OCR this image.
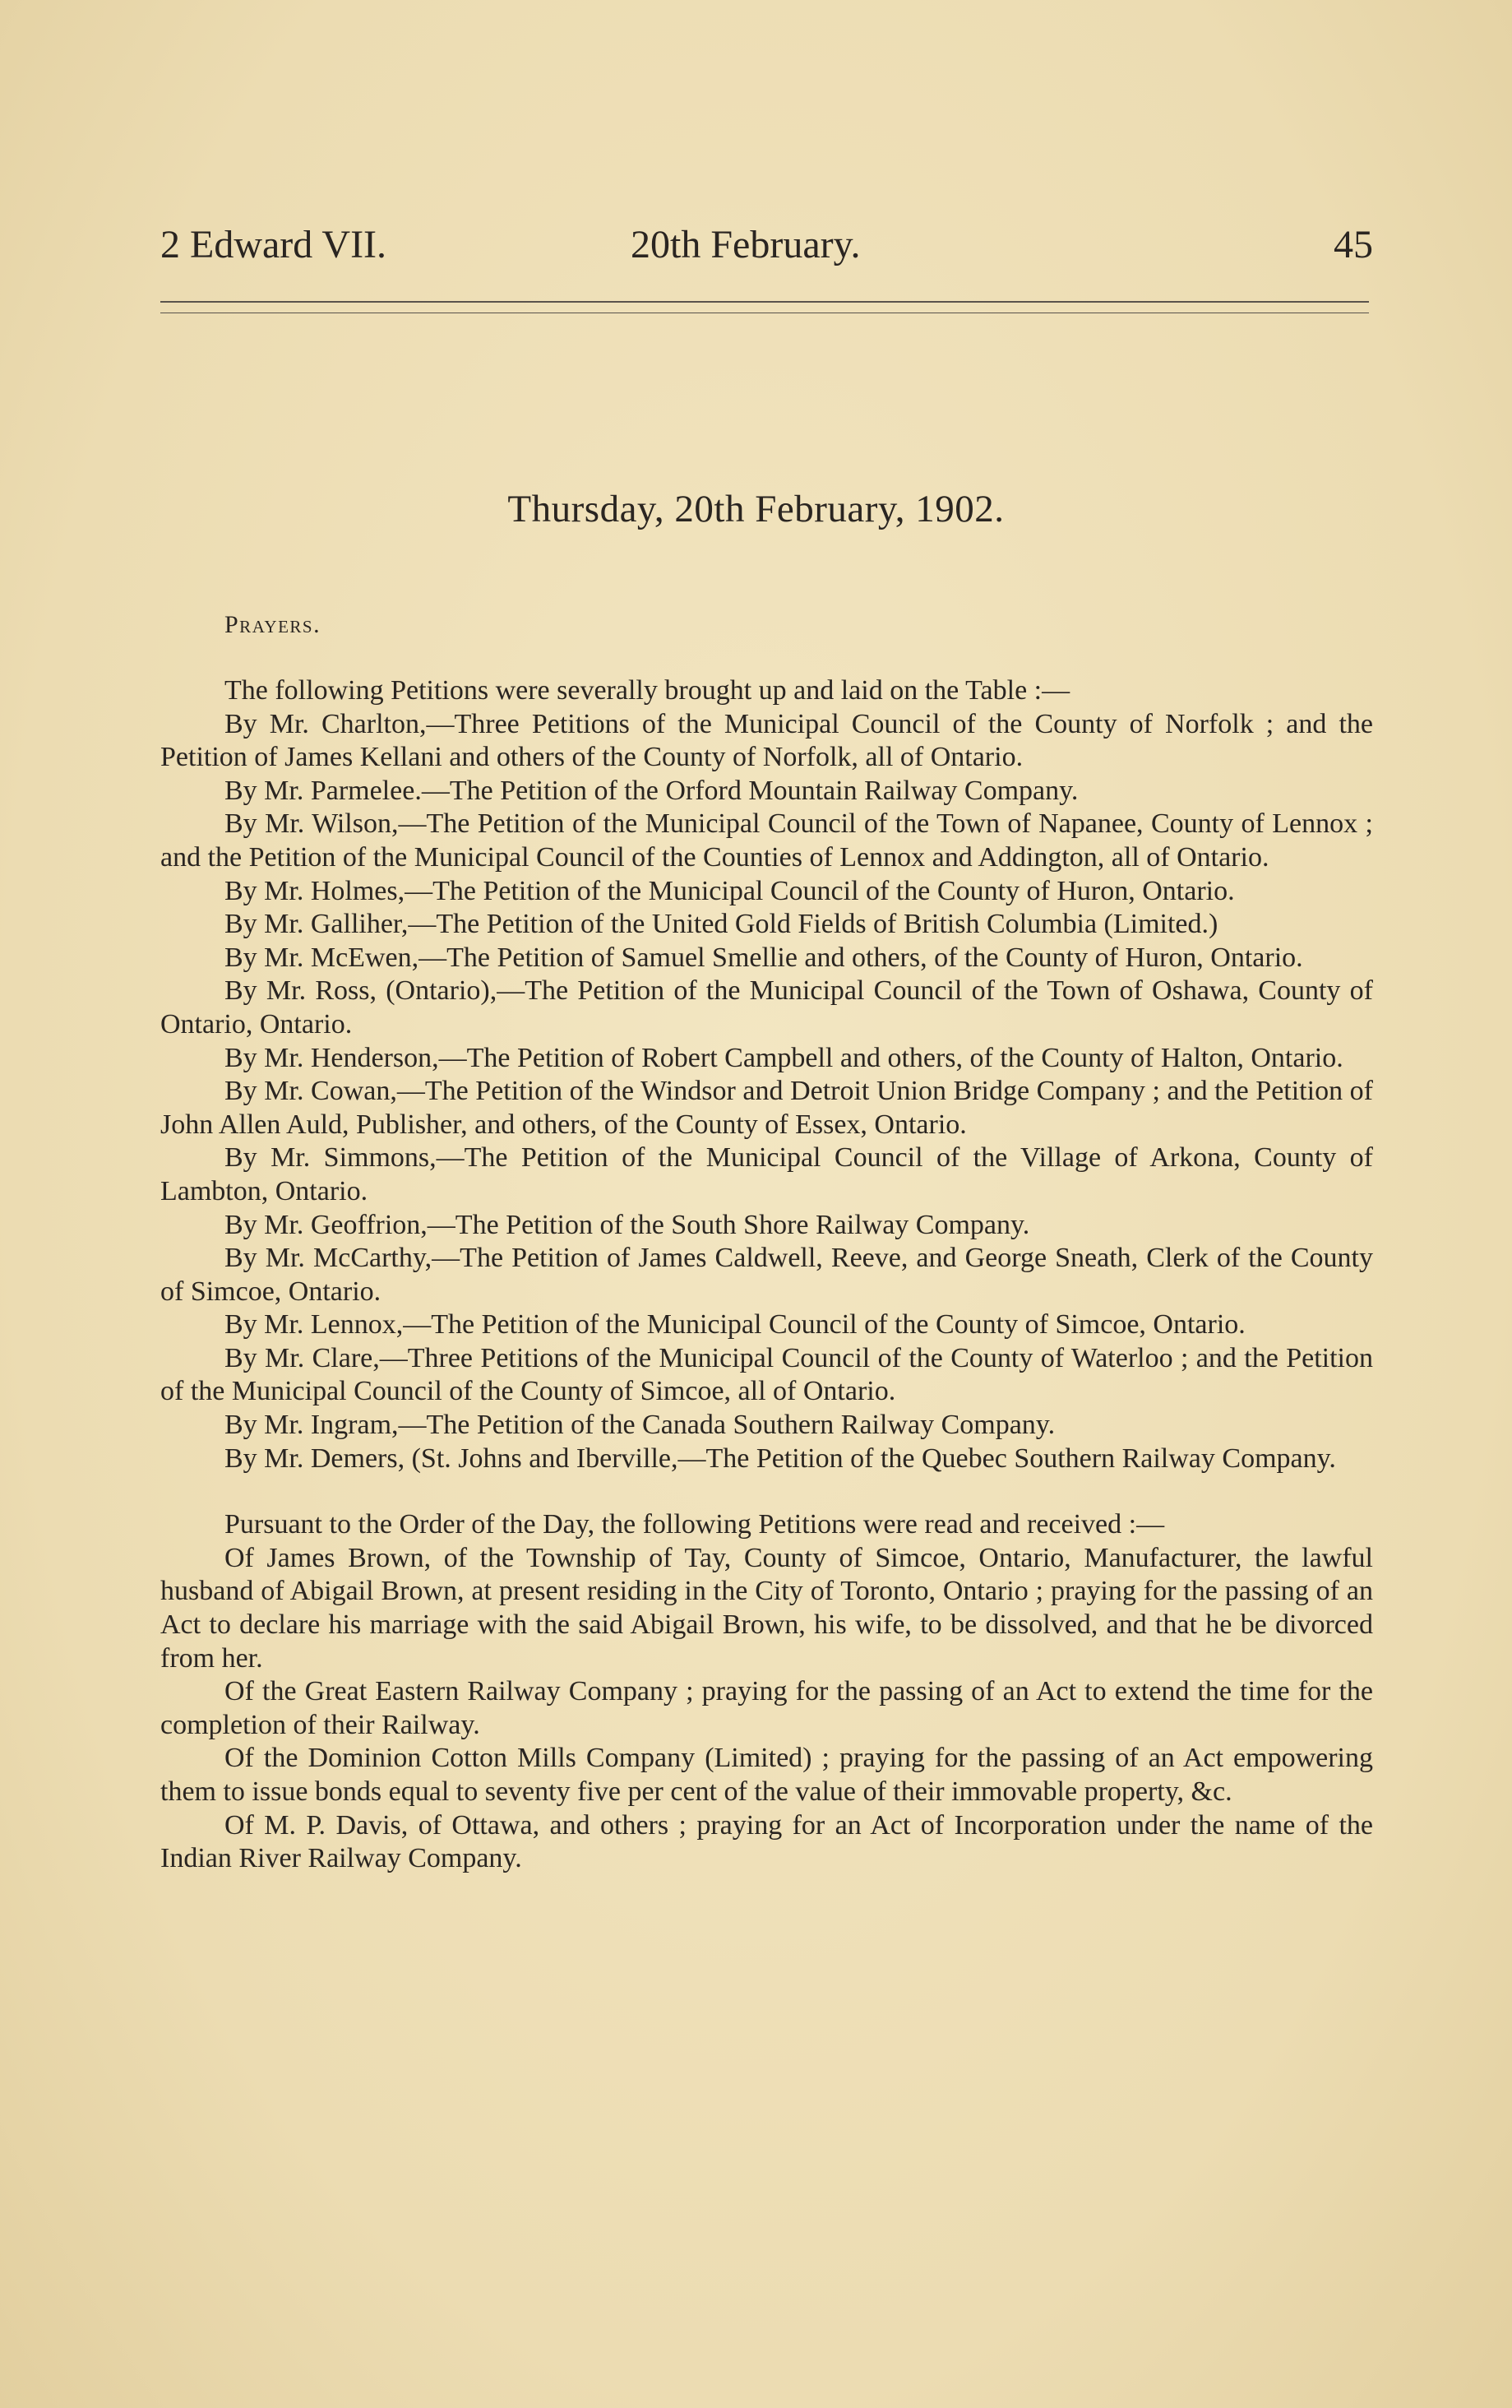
2 Edward VII.	20th February.	45
Thursday, 20th February, 1902.
Prayers.

The following Petitions were severally brought up and laid on the Table :—

By Mr. Charlton,—Three Petitions of the Municipal Council of the County of Norfolk ; and the Petition of James Kellani and others of the County of Norfolk, all of Ontario.

By Mr. Parmelee.—The Petition of the Orford Mountain Railway Company.

By Mr. Wilson,—The Petition of the Municipal Council of the Town of Napanee, County of Lennox ; and the Petition of the Municipal Council of the Counties of Lennox and Addington, all of Ontario.

By Mr. Holmes,—The Petition of the Municipal Council of the County of Huron, Ontario.

By Mr. Galliher,—The Petition of the United Gold Fields of British Columbia (Limited.)

By Mr. McEwen,—The Petition of Samuel Smellie and others, of the County of Huron, Ontario.

By Mr. Ross, (Ontario),—The Petition of the Municipal Council of the Town of Oshawa, County of Ontario, Ontario.

By Mr. Henderson,—The Petition of Robert Campbell and others, of the County of Halton, Ontario.

By Mr. Cowan,—The Petition of the Windsor and Detroit Union Bridge Company ; and the Petition of John Allen Auld, Publisher, and others, of the County of Essex, Ontario.

By Mr. Simmons,—The Petition of the Municipal Council of the Village of Arkona, County of Lambton, Ontario.

By Mr. Geoffrion,—The Petition of the South Shore Railway Company.

By Mr. McCarthy,—The Petition of James Caldwell, Reeve, and George Sneath, Clerk of the County of Simcoe, Ontario.

By Mr. Lennox,—The Petition of the Municipal Council of the County of Simcoe, Ontario.

By Mr. Clare,—Three Petitions of the Municipal Council of the County of Waterloo ; and the Petition of the Municipal Council of the County of Simcoe, all of Ontario.

By Mr. Ingram,—The Petition of the Canada Southern Railway Company.

By Mr. Demers, (St. Johns and Iberville,—The Petition of the Quebec Southern Railway Company.

Pursuant to the Order of the Day, the following Petitions were read and received :—

Of James Brown, of the Township of Tay, County of Simcoe, Ontario, Manufacturer, the lawful husband of Abigail Brown, at present residing in the City of Toronto, Ontario ; praying for the passing of an Act to declare his marriage with the said Abigail Brown, his wife, to be dissolved, and that he be divorced from her.

Of the Great Eastern Railway Company ; praying for the passing of an Act to extend the time for the completion of their Railway.

Of the Dominion Cotton Mills Company (Limited) ; praying for the passing of an Act empowering them to issue bonds equal to seventy five per cent of the value of their immovable property, &c.

Of M. P. Davis, of Ottawa, and others ; praying for an Act of Incorporation under the name of the Indian River Railway Company.
